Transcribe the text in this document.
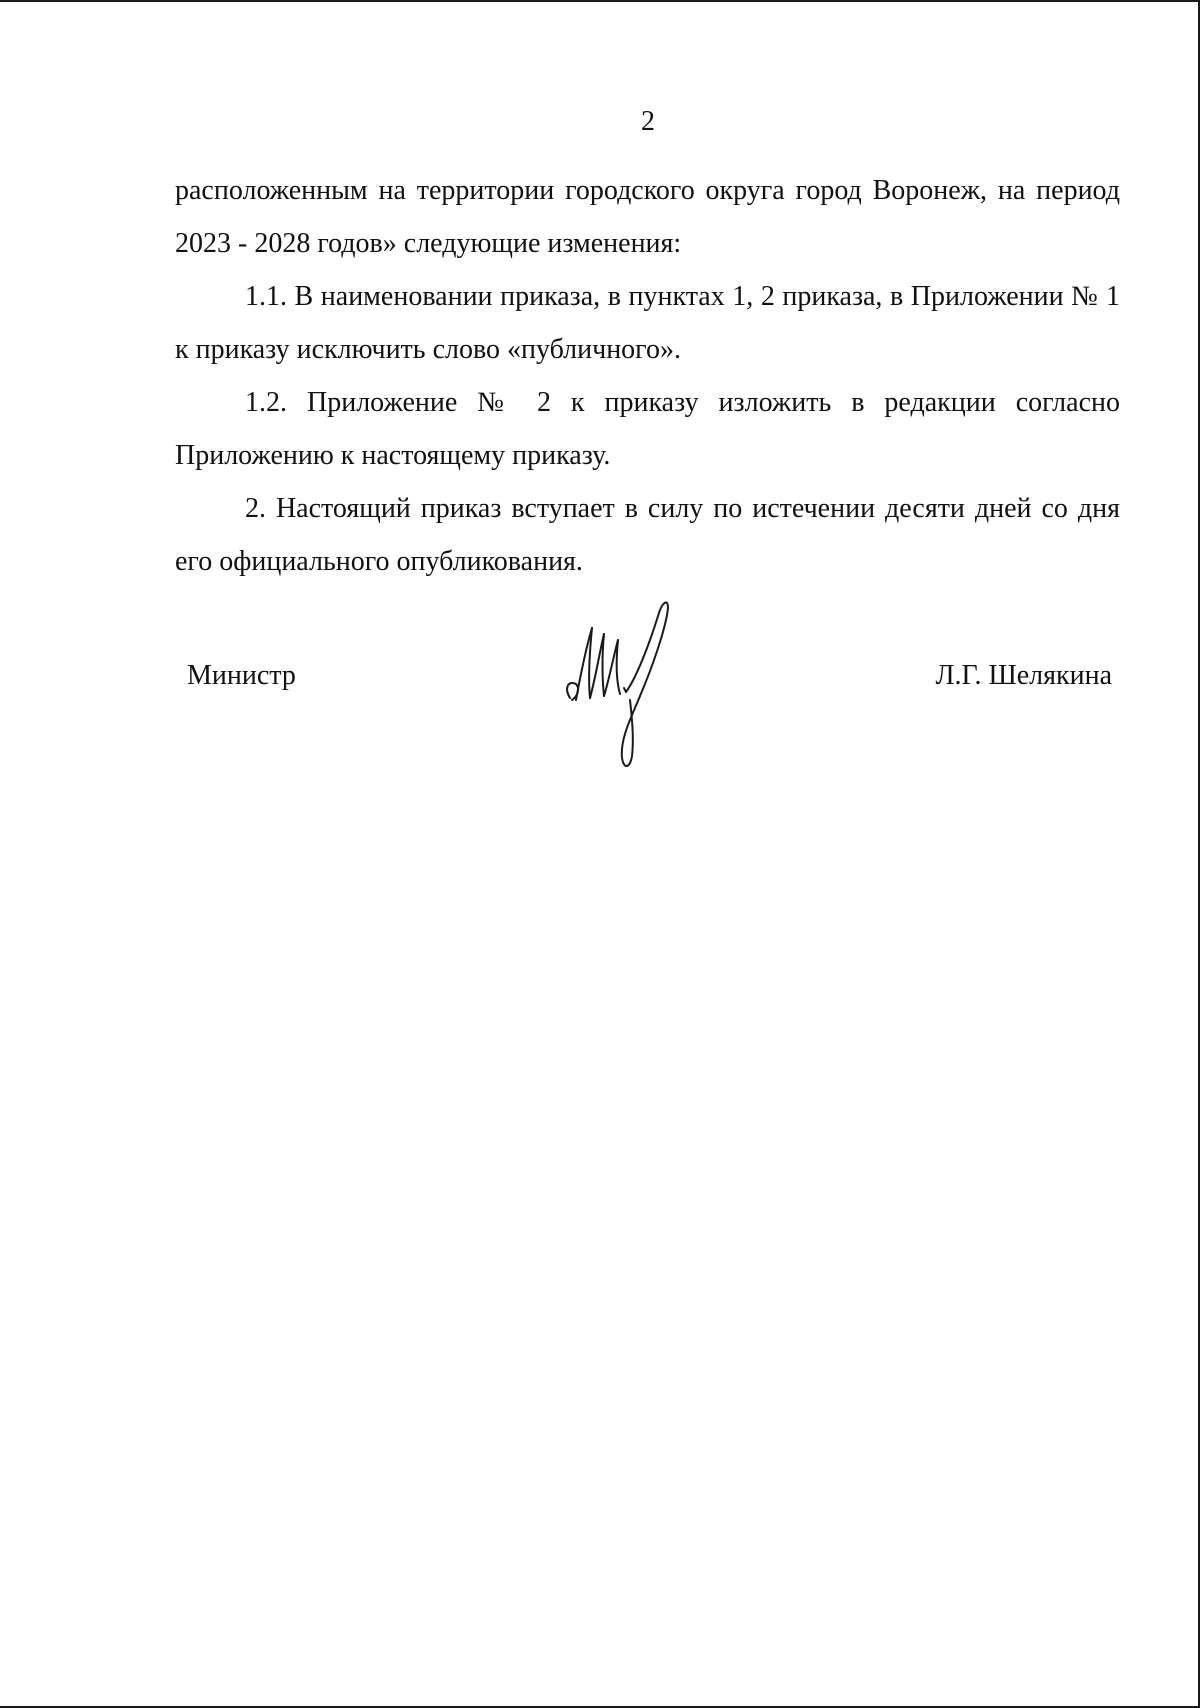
2

расположенным на территории городского округа город Воронеж, на период 2023 - 2028 годов» следующие изменения:

1.1. В наименовании приказа, в пунктах 1, 2 приказа, в Приложении № 1 к приказу исключить слово «публичного».

1.2. Приложение № 2 к приказу изложить в редакции согласно Приложению к настоящему приказу.

2. Настоящий приказ вступает в силу по истечении десяти дней со дня его официального опубликования.

Министр	Л.Г. Шелякина
